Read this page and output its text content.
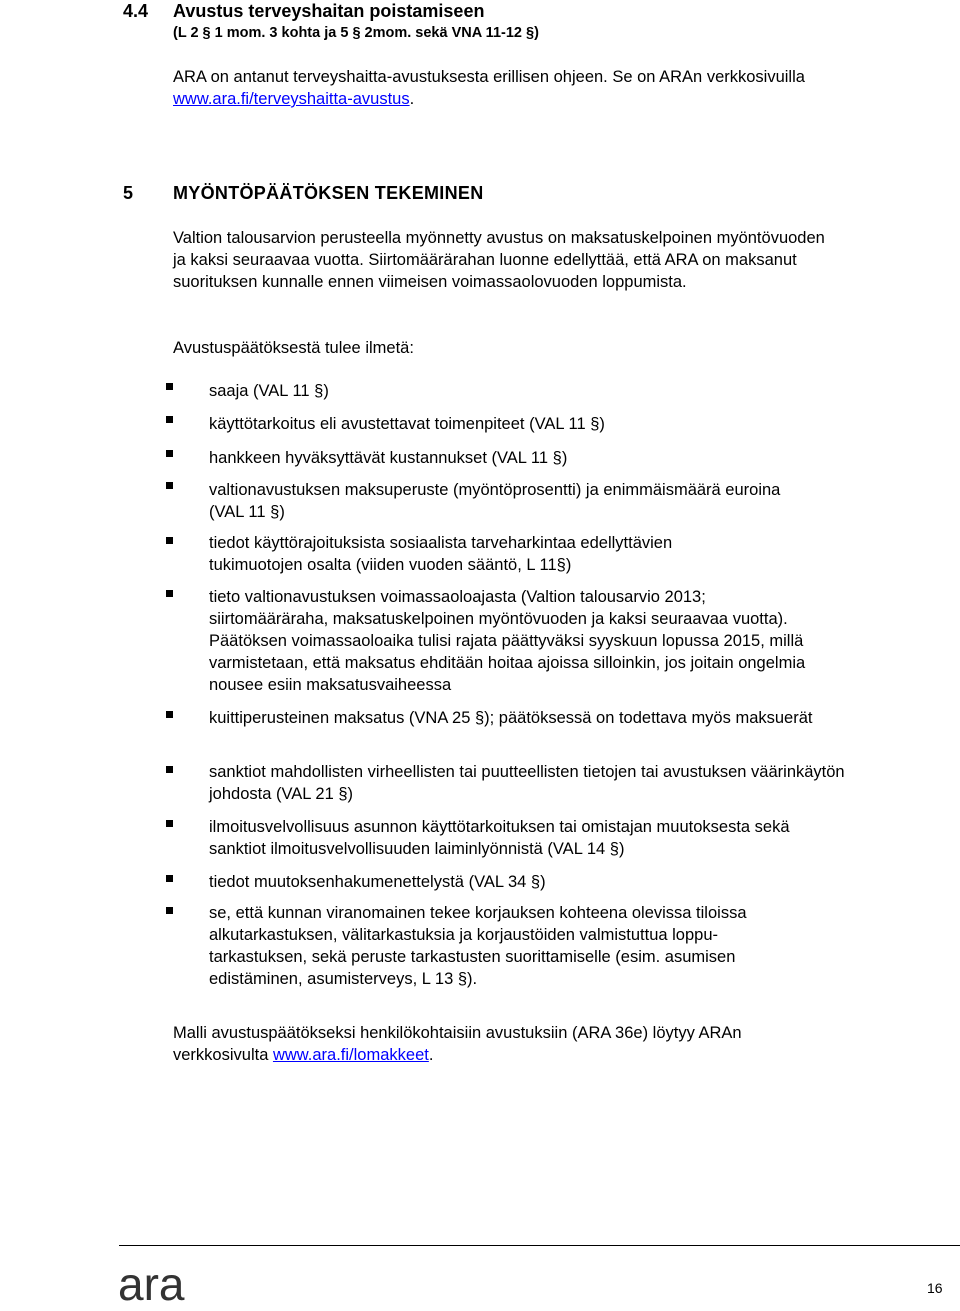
4.4 Avustus terveyshaitan poistamiseen
(L 2 § 1 mom. 3 kohta ja 5 § 2mom. sekä VNA 11-12 §)
ARA on antanut terveyshaitta-avustuksesta erillisen ohjeen. Se on ARAn verkkosivuilla www.ara.fi/terveyshaitta-avustus.
5 MYÖNTÖPÄÄTÖKSEN TEKEMINEN
Valtion talousarvion perusteella myönnetty avustus on maksatuskelpoinen myöntövuoden ja kaksi seuraavaa vuotta. Siirtomäärärahan luonne edellyttää, että ARA on maksanut suorituksen kunnalle ennen viimeisen voimassaolovuoden loppumista.
Avustuspäätöksestä tulee ilmetä:
saaja (VAL 11 §)
käyttötarkoitus eli avustettavat toimenpiteet (VAL 11 §)
hankkeen hyväksyttävät kustannukset (VAL 11 §)
valtionavustuksen maksuperuste (myöntöprosentti) ja enimmäismäärä euroina (VAL 11 §)
tiedot käyttörajoituksista sosiaalista tarveharkintaa edellyttävien tukimuotojen osalta (viiden vuoden sääntö, L 11§)
tieto valtionavustuksen voimassaoloajasta (Valtion talousarvio 2013; siirtomääräraha, maksatuskelpoinen myöntövuoden ja kaksi seuraavaa vuotta). Päätöksen voimassaoloaika tulisi rajata päättyväksi syyskuun lopussa 2015, millä varmistetaan, että maksatus ehditään hoitaa ajoissa silloinkin, jos joitain ongelmia nousee esiin maksatusvaiheessa
kuittiperusteinen maksatus (VNA 25 §); päätöksessä on todettava myös maksuerät
sanktiot mahdollisten virheellisten tai puutteellisten tietojen tai avustuksen väärinkäytön johdosta (VAL 21 §)
ilmoitusvelvollisuus asunnon käyttötarkoituksen tai omistajan muutoksesta sekä sanktiot ilmoitusvelvollisuuden laiminlyönnistä (VAL 14 §)
tiedot muutoksenhakumenettelystä (VAL 34 §)
se, että kunnan viranomainen tekee korjauksen kohteena olevissa tiloissa alkutarkastuksen, välitarkastuksia ja korjaustöiden valmistuttua lopputarkastuksen, sekä peruste tarkastusten suorittamiselle (esim. asumisen edistäminen, asumisterveys, L 13 §).
Malli avustuspäätökseksi henkilökohtaisiin avustuksiin (ARA 36e) löytyy ARAn verkkosivulta www.ara.fi/lomakkeet.
ara	16
